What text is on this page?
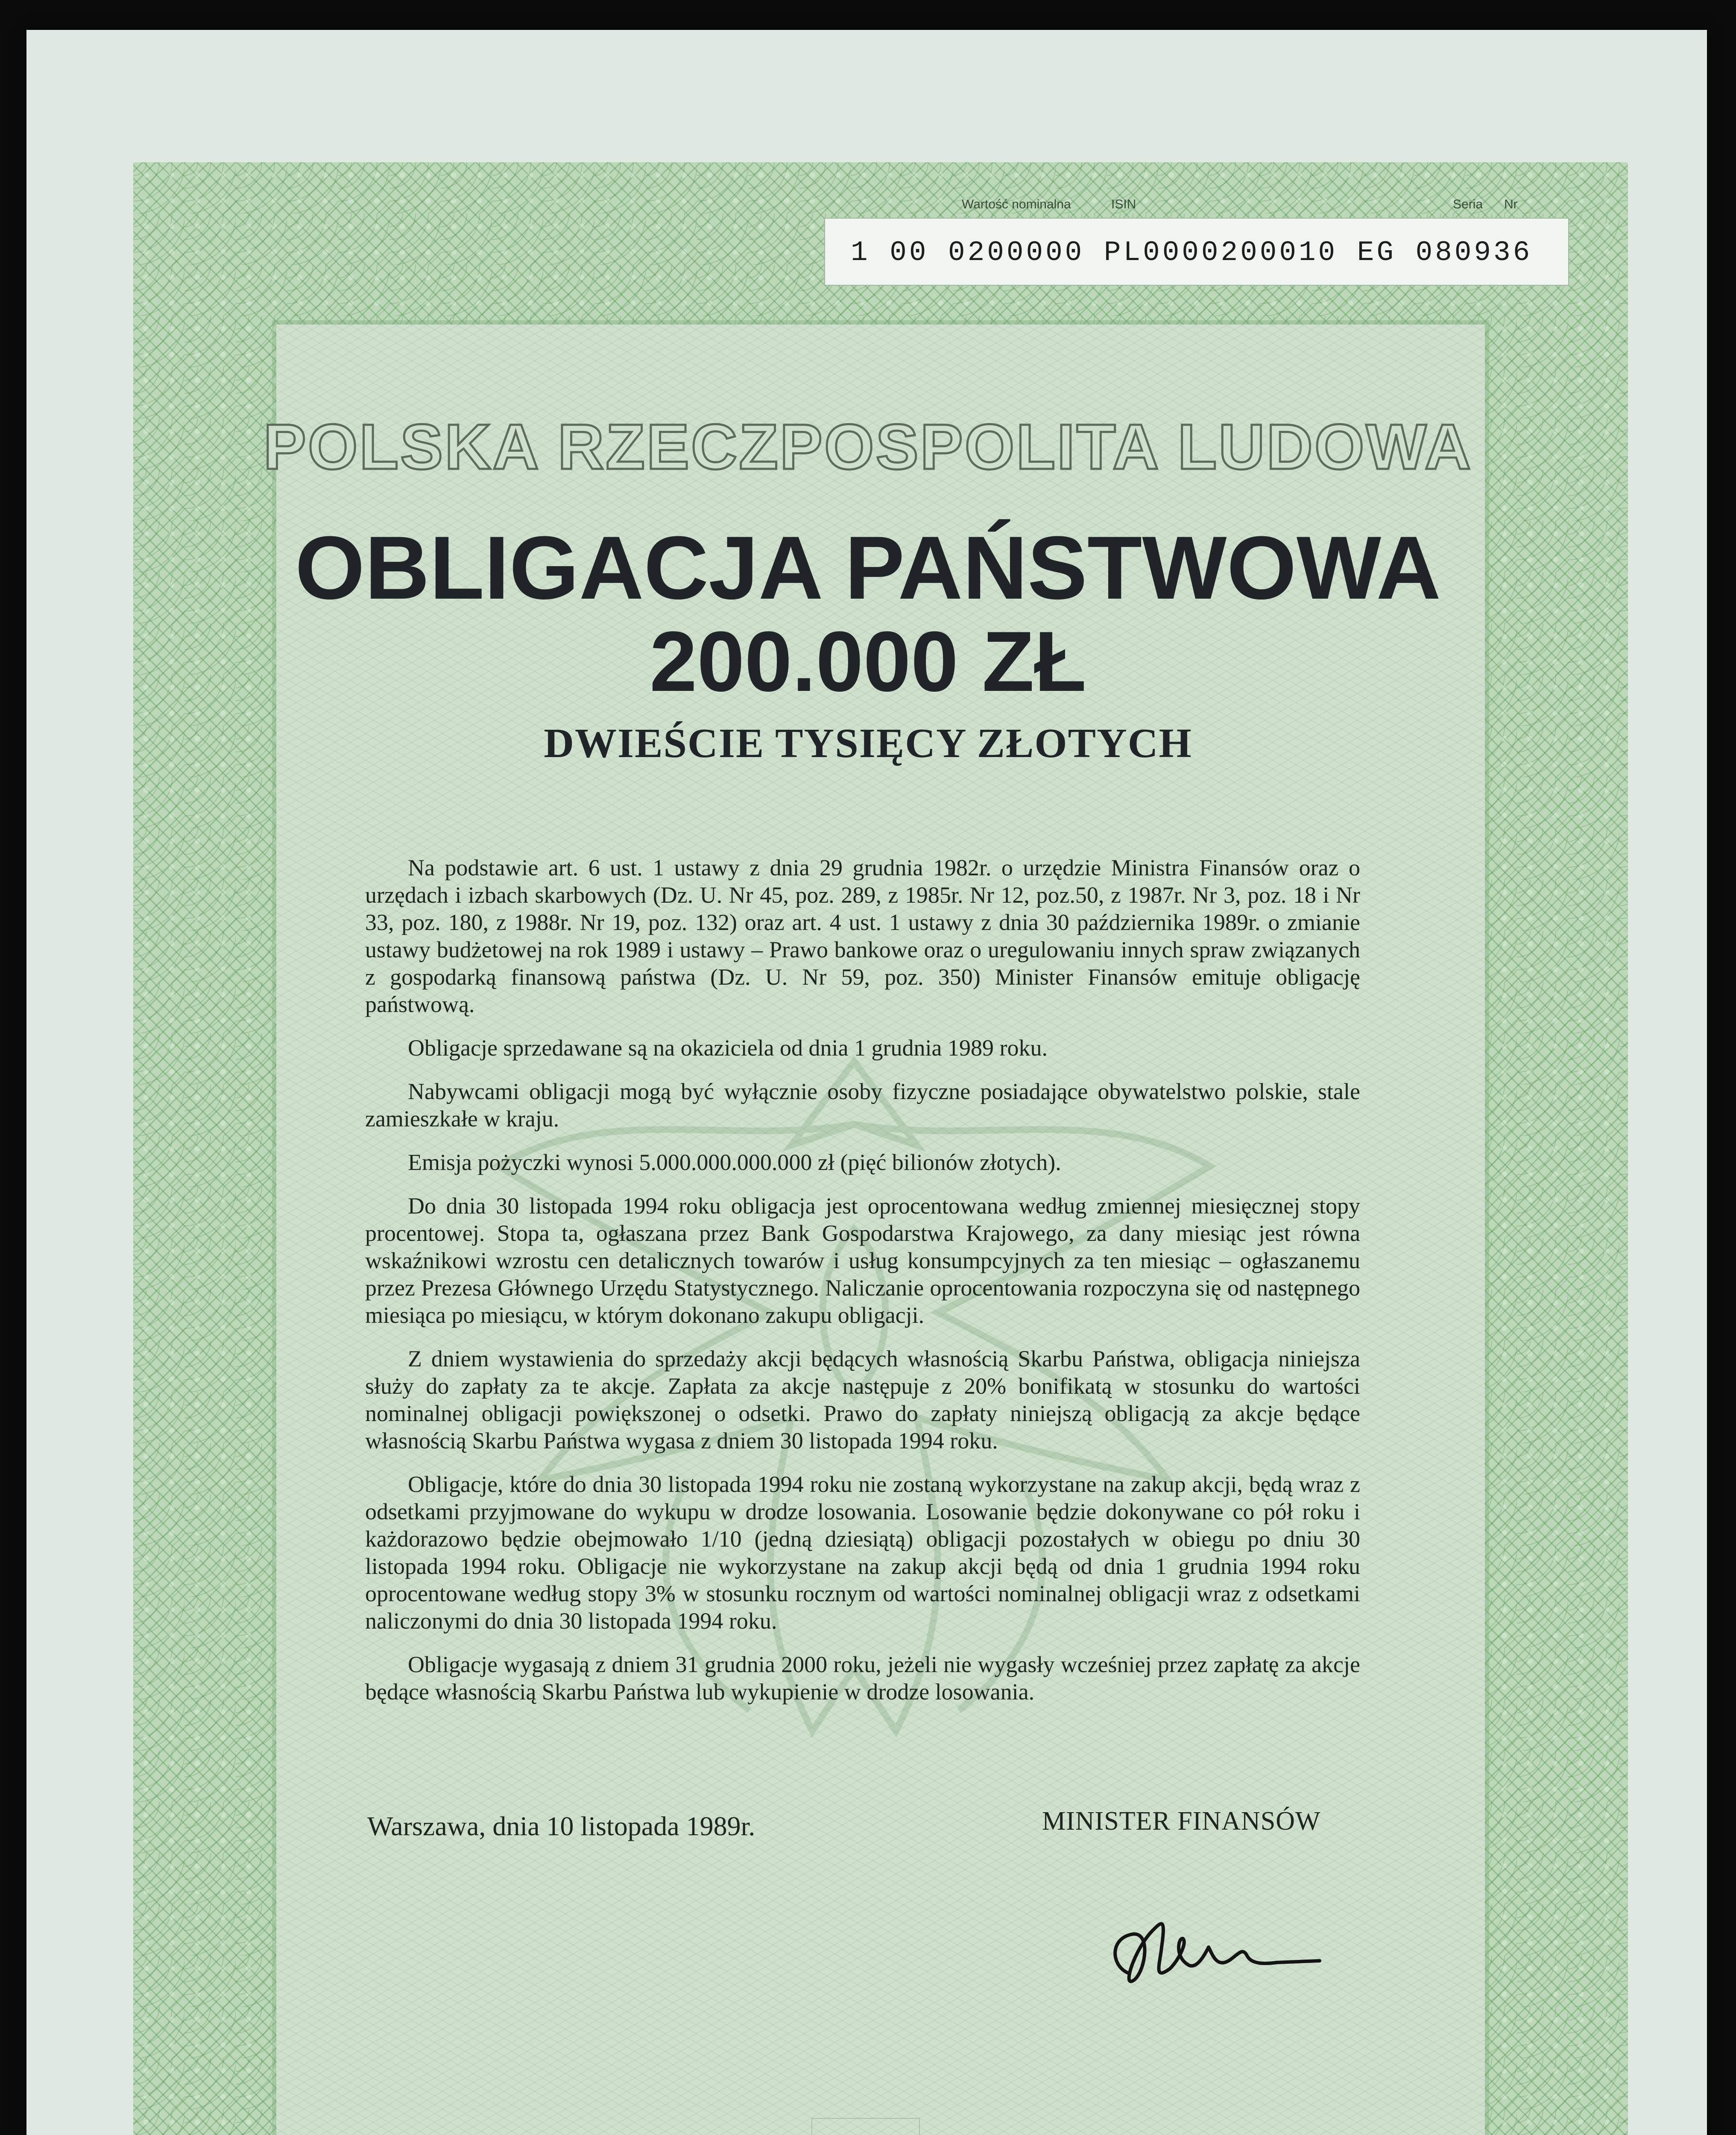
Wartość nominalna	ISIN	Seria Nr
1 00 0200000 PL0000200010 EG 080936
POLSKA RZECZPOSPOLITA LUDOWA
OBLIGACJA PAŃSTWOWA
200.000 ZŁ
DWIEŚCIE TYSIĘCY ZŁOTYCH

Na podstawie art. 6 ust. 1 ustawy z dnia 29 grudnia 1982r. o urzędzie Ministra Finansów oraz o urzędach i izbach skarbowych (Dz. U. Nr 45, poz. 289, z 1985r. Nr 12, poz.50, z 1987r. Nr 3, poz. 18 i Nr 33, poz. 180, z 1988r. Nr 19, poz. 132) oraz art. 4 ust. 1 ustawy z dnia 30 października 1989r. o zmianie ustawy budżetowej na rok 1989 i ustawy – Prawo bankowe oraz o uregulowaniu innych spraw związanych z gospodarką finansową państwa (Dz. U. Nr 59, poz. 350) Minister Finansów emituje obligację państwową.

Obligacje sprzedawane są na okaziciela od dnia 1 grudnia 1989 roku.

Nabywcami obligacji mogą być wyłącznie osoby fizyczne posiadające obywatelstwo polskie, stale zamieszkałe w kraju.

Emisja pożyczki wynosi 5.000.000.000.000 zł (pięć bilionów złotych).

Do dnia 30 listopada 1994 roku obligacja jest oprocentowana według zmiennej miesięcznej stopy procentowej. Stopa ta, ogłaszana przez Bank Gospodarstwa Krajowego, za dany miesiąc jest równa wskaźnikowi wzrostu cen detalicznych towarów i usług konsumpcyjnych za ten miesiąc – ogłaszanemu przez Prezesa Głównego Urzędu Statystycznego. Naliczanie oprocentowania rozpoczyna się od następnego miesiąca po miesiącu, w którym dokonano zakupu obligacji.

Z dniem wystawienia do sprzedaży akcji będących własnością Skarbu Państwa, obligacja niniejsza służy do zapłaty za te akcje. Zapłata za akcje następuje z 20% bonifikatą w stosunku do wartości nominalnej obligacji powiększonej o odsetki. Prawo do zapłaty niniejszą obligacją za akcje będące własnością Skarbu Państwa wygasa z dniem 30 listopada 1994 roku.

Obligacje, które do dnia 30 listopada 1994 roku nie zostaną wykorzystane na zakup akcji, będą wraz z odsetkami przyjmowane do wykupu w drodze losowania. Losowanie będzie dokonywane co pół roku i każdorazowo będzie obejmowało 1/10 (jedną dziesiątą) obligacji pozostałych w obiegu po dniu 30 listopada 1994 roku. Obligacje nie wykorzystane na zakup akcji będą od dnia 1 grudnia 1994 roku oprocentowane według stopy 3% w stosunku rocznym od wartości nominalnej obligacji wraz z odsetkami naliczonymi do dnia 30 listopada 1994 roku.

Obligacje wygasają z dniem 31 grudnia 2000 roku, jeżeli nie wygasły wcześniej przez zapłatę za akcje będące własnością Skarbu Państwa lub wykupienie w drodze losowania.

Warszawa, dnia 10 listopada 1989r.	MINISTER FINANSÓW
